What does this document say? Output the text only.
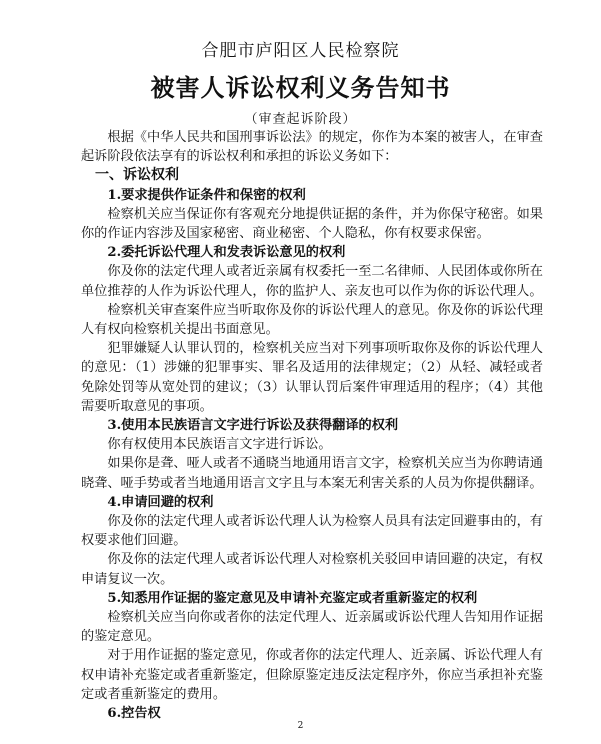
合肥市庐阳区人民检察院
被害人诉讼权利义务告知书
（审查起诉阶段）

根据《中华人民共和国刑事诉讼法》的规定，你作为本案的被害人，在审查起诉阶段依法享有的诉讼权利和承担的诉讼义务如下：

一、诉讼权利

1.要求提供作证条件和保密的权利

检察机关应当保证你有客观充分地提供证据的条件，并为你保守秘密。如果你的作证内容涉及国家秘密、商业秘密、个人隐私，你有权要求保密。

2.委托诉讼代理人和发表诉讼意见的权利

你及你的法定代理人或者近亲属有权委托一至二名律师、人民团体或你所在单位推荐的人作为诉讼代理人，你的监护人、亲友也可以作为你的诉讼代理人。

检察机关审查案件应当听取你及你的诉讼代理人的意见。你及你的诉讼代理人有权向检察机关提出书面意见。

犯罪嫌疑人认罪认罚的，检察机关应当对下列事项听取你及你的诉讼代理人的意见：（1）涉嫌的犯罪事实、罪名及适用的法律规定；（2）从轻、减轻或者免除处罚等从宽处罚的建议；（3）认罪认罚后案件审理适用的程序；（4）其他需要听取意见的事项。

3.使用本民族语言文字进行诉讼及获得翻译的权利

你有权使用本民族语言文字进行诉讼。

如果你是聋、哑人或者不通晓当地通用语言文字，检察机关应当为你聘请通晓聋、哑手势或者当地通用语言文字且与本案无利害关系的人员为你提供翻译。

4.申请回避的权利

你及你的法定代理人或者诉讼代理人认为检察人员具有法定回避事由的，有权要求他们回避。

你及你的法定代理人或者诉讼代理人对检察机关驳回申请回避的决定，有权申请复议一次。

5.知悉用作证据的鉴定意见及申请补充鉴定或者重新鉴定的权利

检察机关应当向你或者你的法定代理人、近亲属或诉讼代理人告知用作证据的鉴定意见。

对于用作证据的鉴定意见，你或者你的法定代理人、近亲属、诉讼代理人有权申请补充鉴定或者重新鉴定，但除原鉴定违反法定程序外，你应当承担补充鉴定或者重新鉴定的费用。

6.控告权

2
